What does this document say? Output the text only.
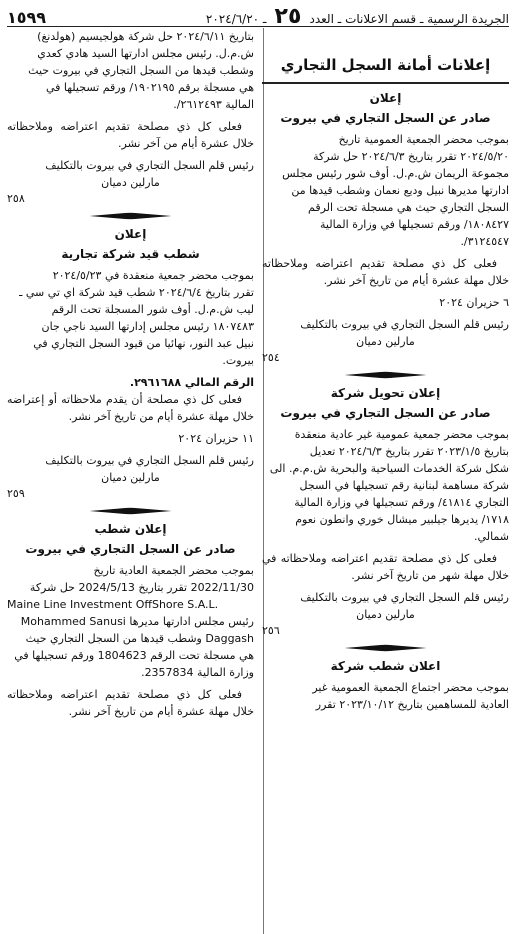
الجريدة الرسمية ـ قسم الاعلانات ـ العدد ٢٥ ـ ٢٠٢٤/٦/٢٠
١٥٩٩
إعلانات أمانة السجل التجاري
إعلان
صادر عن السجل التجاري في بيروت

بموجب محضر الجمعية العمومية تاريخ

٢٠٢٤/٥/٢٠ تقرر بتاريخ ٢٠٢٤/٦/٣ حل شركة

مجموعة الريمان ش.م.ل. أوف شور رئيس مجلس

ادارتها مديرها نبيل وديع نعمان وشطب قيدها من

السجل التجاري حيث هي مسجلة تحت الرقم

١٨٠٨٤٢٧/ ورقم تسجيلها في وزارة المالية

٣١٢٤٥٤٧/.

فعلى كل ذي مصلحة تقديم اعتراضه وملاحظاته خلال مهلة عشرة أيام من تاريخ آخر نشر.

٦ حزيران ٢٠٢٤

رئيس قلم السجل التجاري في بيروت بالتكليف

مارلين دميان

٢٥٤
إعلان تحويل شركة
صادر عن السجل التجاري في بيروت

بموجب محضر جمعية عمومية غير عادية منعقدة

بتاريخ ٢٠٢٣/١/٥ تقرر بتاريخ ٢٠٢٤/٦/٣ تعديل

شكل شركة الخدمات السياحية والبحرية ش.م.م. الى

شركة مساهمة لبنانية رقم تسجيلها في السجل

التجاري ٤١٨١٤/ ورقم تسجيلها في وزارة المالية

١٧١٨/ يديرها جيلبير ميشال خوري وانطون نعوم

شمالي.

فعلى كل ذي مصلحة تقديم اعتراضه وملاحظاته في خلال مهلة شهر من تاريخ آخر نشر.

رئيس قلم السجل التجاري في بيروت بالتكليف

مارلين دميان

٢٥٦
اعلان شطب شركة

بموجب محضر اجتماع الجمعية العمومية غير

العادية للمساهمين بتاريخ ٢٠٢٣/١٠/١٢ تقرر

بتاريخ ٢٠٢٤/٦/١١ حل شركة هولجيسيم (هولدنغ)

ش.م.ل. رئيس مجلس ادارتها السيد هادي كعدي

وشطب قيدها من السجل التجاري في بيروت حيث

هي مسجلة برقم ١٩٠٢١٩٥/ ورقم تسجيلها في

المالية ٢٦١٢٤٩٣/.

فعلى كل ذي مصلحة تقديم اعتراضه وملاحظاته خلال عشرة أيام من آخر نشر.

رئيس قلم السجل التجاري في بيروت بالتكليف

مارلين دميان

٢٥٨
إعلان
شطب قيد شركة تجارية

بموجب محضر جمعية منعقدة في ٢٠٢٤/٥/٢٣

تقرر بتاريخ ٢٠٢٤/٦/٤ شطب قيد شركة اي تي سي ـ

ليب ش.م.ل. أوف شور المسجلة تحت الرقم

١٨٠٧٤٨٣ رئيس مجلس إدارتها السيد ناجي جان

نبيل عبد النور، نهائيا من قيود السجل التجاري في

بيروت.

الرقم المالي ٢٩٦١٦٨٨.

فعلى كل ذي مصلحة أن يقدم ملاحظاته أو إعتراضه خلال مهلة عشرة أيام من تاريخ آخر نشر.

١١ حزيران ٢٠٢٤

رئيس قلم السجل التجاري في بيروت بالتكليف

مارلين دميان

٢٥٩
إعلان شطب
صادر عن السجل التجاري في بيروت

بموجب محضر الجمعية العادية تاريخ

2022/11/30 تقرر بتاريخ 2024/5/13 حل شركة

Maine Line Investment OffShore S.A.L.

رئيس مجلس ادارتها مديرها Mohammed Sanusi

Daggash وشطب قيدها من السجل التجاري حيث

هي مسجلة تحت الرقم 1804623 ورقم تسجيلها في

وزارة المالية 2357834.

فعلى كل ذي مصلحة تقديم اعتراضه وملاحظاته خلال مهلة عشرة أيام من تاريخ آخر نشر.
